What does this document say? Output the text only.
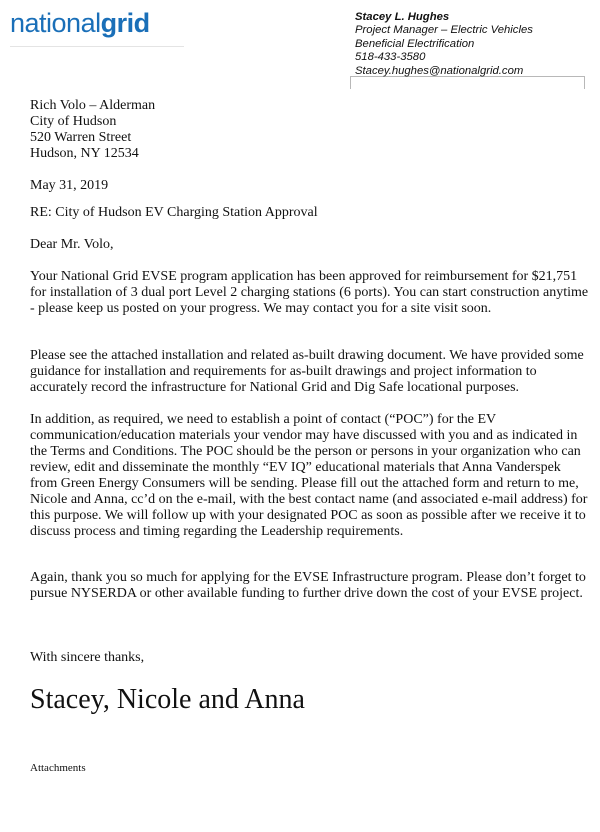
nationalgrid	Stacey L. Hughes
Project Manager – Electric Vehicles
Beneficial Electrification
518-433-3580
Stacey.hughes@nationalgrid.com
Rich Volo – Alderman
City of Hudson
520 Warren Street
Hudson, NY 12534
May 31, 2019
RE: City of Hudson EV Charging Station Approval
Dear Mr. Volo,

Your National Grid EVSE program application has been approved for reimbursement for $21,751 for installation of 3 dual port Level 2 charging stations (6 ports). You can start construction anytime - please keep us posted on your progress. We may contact you for a site visit soon.

Please see the attached installation and related as-built drawing document. We have provided some guidance for installation and requirements for as-built drawings and project information to accurately record the infrastructure for National Grid and Dig Safe locational purposes.

In addition, as required, we need to establish a point of contact (“POC”) for the EV communication/education materials your vendor may have discussed with you and as indicated in the Terms and Conditions. The POC should be the person or persons in your organization who can review, edit and disseminate the monthly “EV IQ” educational materials that Anna Vanderspek from Green Energy Consumers will be sending. Please fill out the attached form and return to me, Nicole and Anna, cc’d on the e-mail, with the best contact name (and associated e-mail address) for this purpose. We will follow up with your designated POC as soon as possible after we receive it to discuss process and timing regarding the Leadership requirements.

Again, thank you so much for applying for the EVSE Infrastructure program. Please don’t forget to pursue NYSERDA or other available funding to further drive down the cost of your EVSE project.

With sincere thanks,
Stacey, Nicole and Anna
Attachments
